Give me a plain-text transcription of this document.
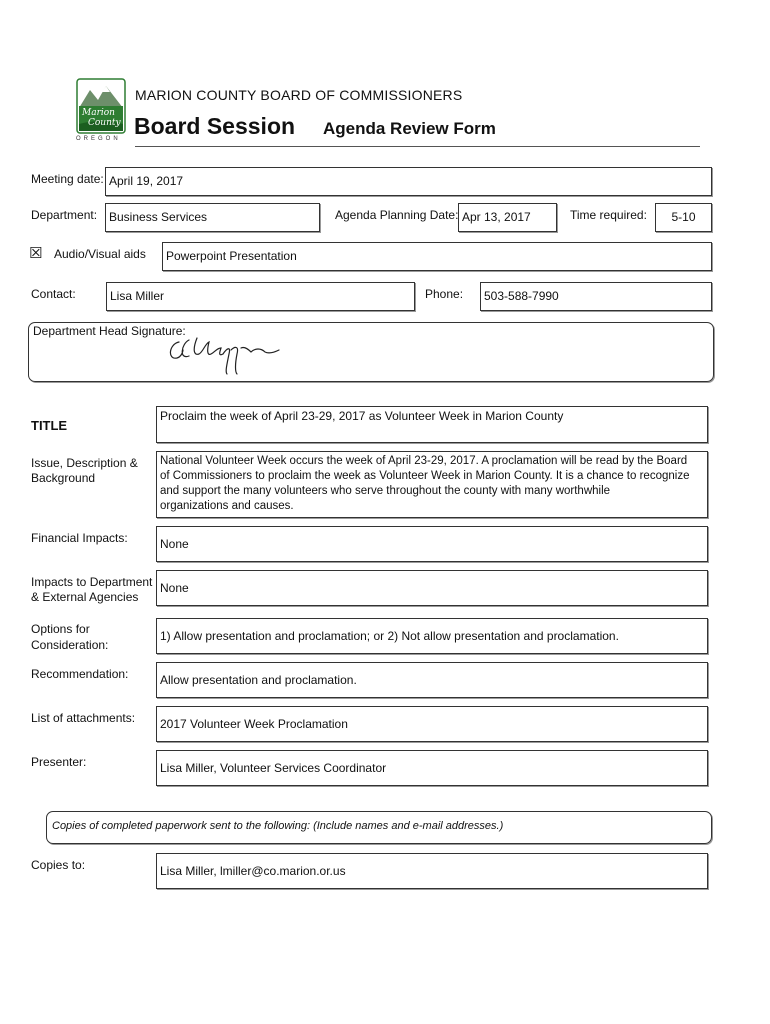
Marion
County
OREGON
MARION COUNTY BOARD OF COMMISSIONERS
Board Session Agenda Review Form
Meeting date: April 19, 2017
Department: Business Services	Agenda Planning Date: Apr 13, 2017	Time required:	5-10
☒ Audio/Visual aids	Powerpoint Presentation
Contact:	Lisa Miller	Phone:	503-588-7990
Department Head Signature:
TITLE
Proclaim the week of April 23-29, 2017 as Volunteer Week in Marion County
Issue, Description &
Background
National Volunteer Week occurs the week of April 23-29, 2017. A proclamation will be read by the Board
of Commissioners to proclaim the week as Volunteer Week in Marion County. It is a chance to recognize
and support the many volunteers who serve throughout the county with many worthwhile
organizations and causes.
Financial Impacts:	None
Impacts to Department
& External Agencies
None
Options for
Consideration:
1) Allow presentation and proclamation; or 2) Not allow presentation and proclamation.
Recommendation:	Allow presentation and proclamation.
List of attachments:	2017 Volunteer Week Proclamation
Presenter:	Lisa Miller, Volunteer Services Coordinator
Copies of completed paperwork sent to the following: (Include names and e-mail addresses.)
Copies to:	Lisa Miller, lmiller@co.marion.or.us
